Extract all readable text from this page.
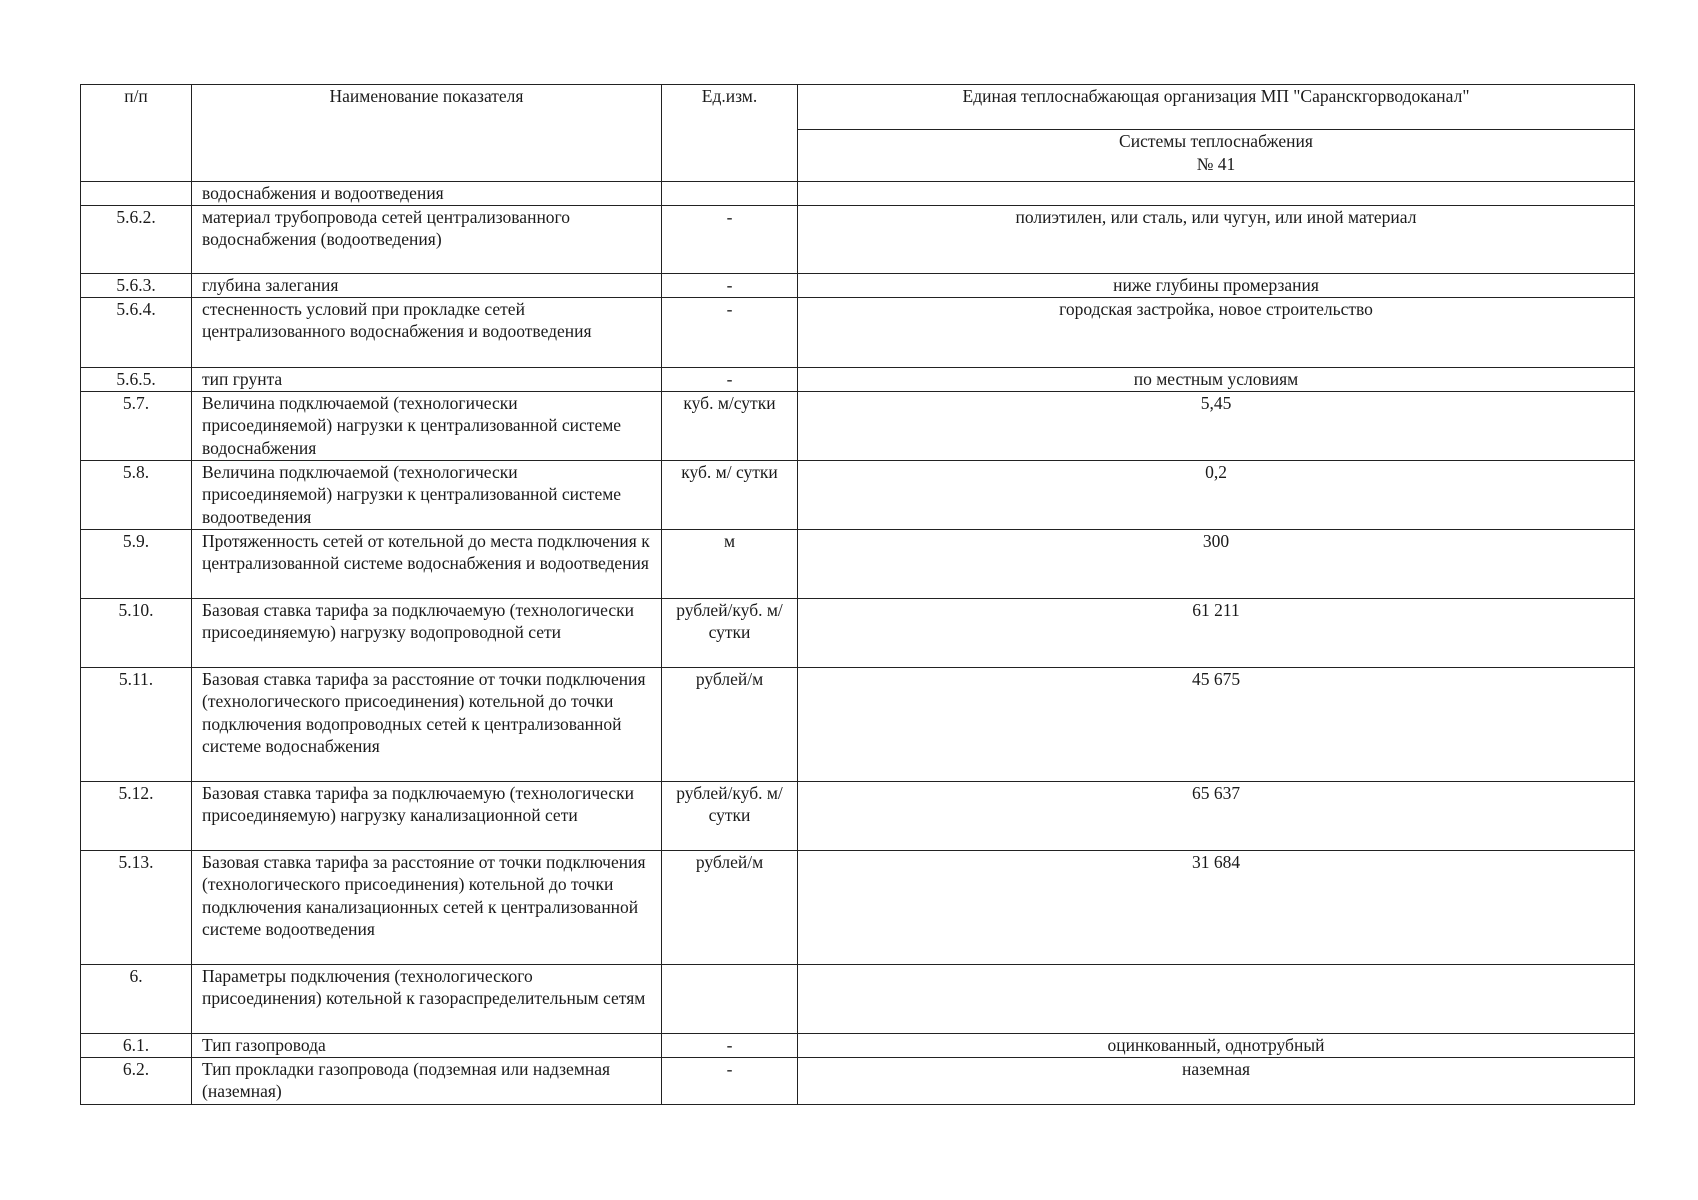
п/п	Наименование показателя	Ед.изм.	Единая теплоснабжающая организация МП "Саранскгорводоканал"

			Системы теплоснабжения
№ 41

	водоснабжения и водоотведения		
5.6.2.	материал трубопровода сетей централизованного водоснабжения (водоотведения)	-	полиэтилен, или сталь, или чугун, или иной материал
5.6.3.	глубина залегания	-	ниже глубины промерзания
5.6.4.	стесненность условий при прокладке сетей централизованного водоснабжения и водоотведения	-	городская застройка, новое строительство
5.6.5.	тип грунта	-	по местным условиям
5.7.	Величина подключаемой (технологически присоединяемой) нагрузки к централизованной системе водоснабжения	куб. м/сутки	5,45
5.8.	Величина подключаемой (технологически присоединяемой) нагрузки к централизованной системе водоотведения	куб. м/ сутки	0,2
5.9.	Протяженность сетей от котельной до места подключения к централизованной системе водоснабжения и водоотведения	м	300
5.10.	Базовая ставка тарифа за подключаемую (технологически присоединяемую) нагрузку водопроводной сети	рублей/куб. м/сутки	61 211
5.11.	Базовая ставка тарифа за расстояние от точки подключения (технологического присоединения) котельной до точки подключения водопроводных сетей к централизованной системе водоснабжения	рублей/м	45 675
5.12.	Базовая ставка тарифа за подключаемую (технологически присоединяемую) нагрузку канализационной сети	рублей/куб. м/сутки	65 637
5.13.	Базовая ставка тарифа за расстояние от точки подключения (технологического присоединения) котельной до точки подключения канализационных сетей к централизованной системе водоотведения	рублей/м	31 684
6.	Параметры подключения (технологического присоединения) котельной к газораспределительным сетям		
6.1.	Тип газопровода	-	оцинкованный, однотрубный
6.2.	Тип прокладки газопровода (подземная или надземная (наземная)	-	наземная
